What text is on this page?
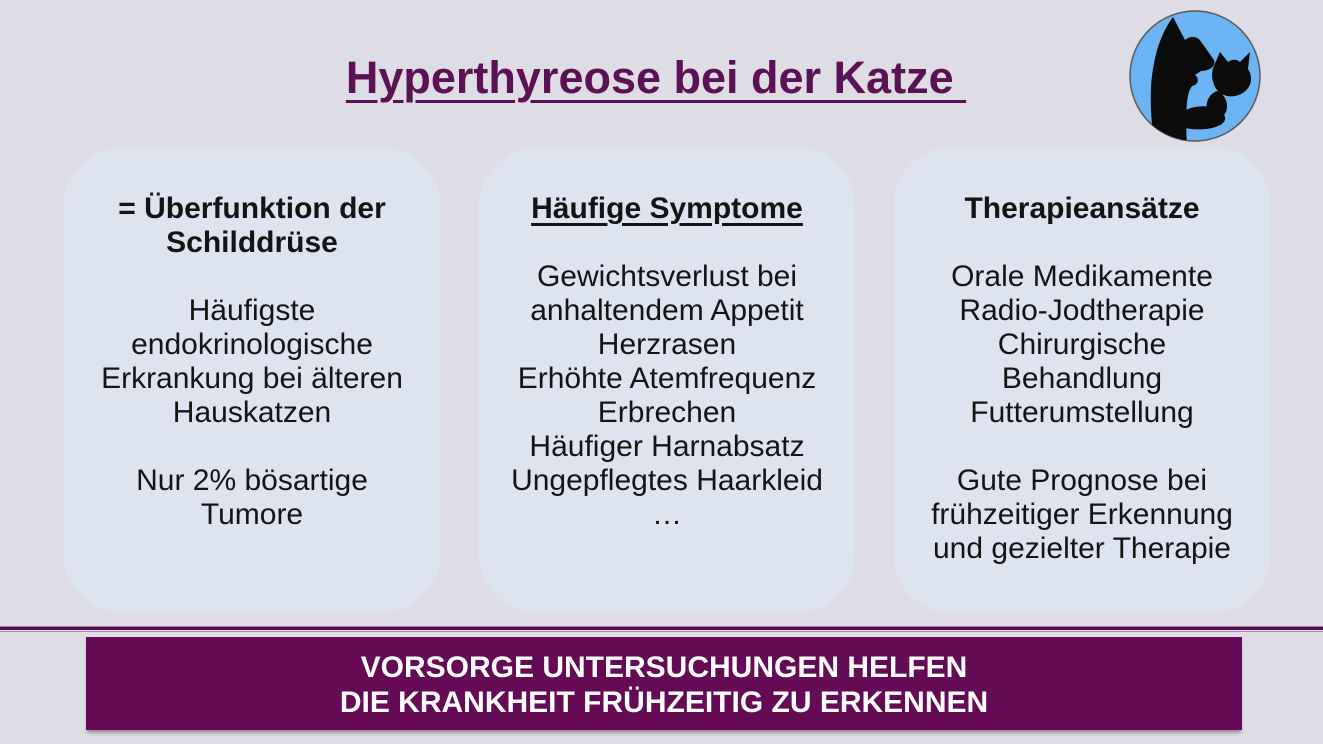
Hyperthyreose bei der Katze
= Überfunktion der Schilddrüse
Häufigste endokrinologische Erkrankung bei älteren Hauskatzen
Nur 2% bösartige Tumore
Häufige Symptome
Gewichtsverlust bei anhaltendem Appetit
Herzrasen
Erhöhte Atemfrequenz
Erbrechen
Häufiger Harnabsatz
Ungepflegtes Haarkleid
…
Therapieansätze
Orale Medikamente
Radio-Jodtherapie
Chirurgische Behandlung
Futterumstellung
Gute Prognose bei frühzeitiger Erkennung und gezielter Therapie
VORSORGE UNTERSUCHUNGEN HELFEN
DIE KRANKHEIT FRÜHZEITIG ZU ERKENNEN
